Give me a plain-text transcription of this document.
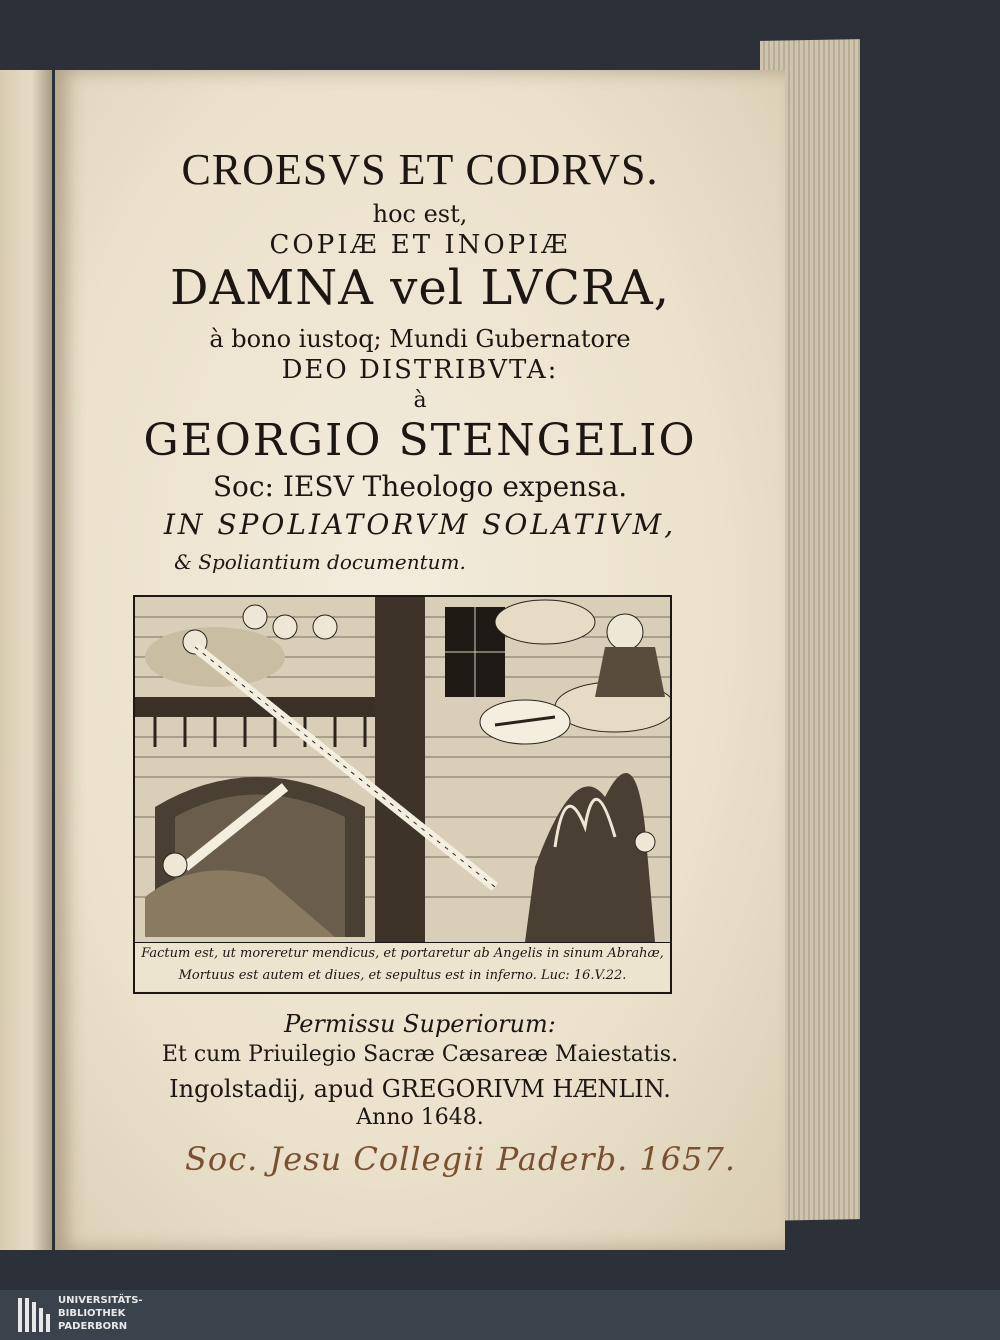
CROESVS ET CODRVS.

hoc est,

COPIÆ ET INOPIÆ

DAMNA vel LVCRA,

à bono iustoq; Mundi Gubernatore

DEO DISTRIBVTA:

à

GEORGIO STENGELIO

Soc: IESV Theologo expensa.

IN SPOLIATORVM SOLATIVM,

& Spoliantium documentum.

Factum est, ut moreretur mendicus, et portaretur ab Angelis in sinum Abrahæ,
Mortuus est autem et diues, et sepultus est in inferno. Luc: 16.V.22.

Permissu Superiorum:

Et cum Priuilegio Sacræ Cæsareæ Maiestatis.

Ingolstadij, apud GREGORIVM HÆNLIN.

Anno 1648.

Soc. Jesu Collegii Paderb. 1657.
UNIVERSITÄTS-
BIBLIOTHEK
PADERBORN
